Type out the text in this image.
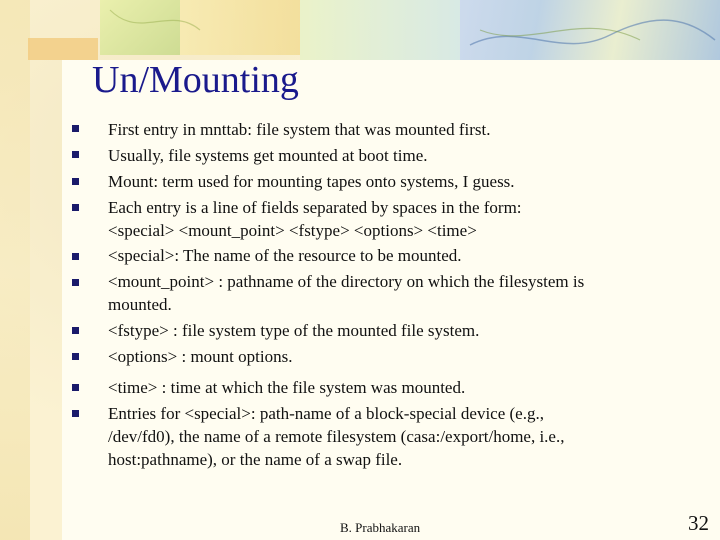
Un/Mounting
First entry in mnttab: file system that was mounted first.
Usually, file systems get mounted at boot time.
Mount: term used for mounting tapes onto systems, I guess.
Each entry is a line of fields separated by spaces in the form:
<special> <mount_point> <fstype> <options> <time>
<special>: The name of the resource to be mounted.
<mount_point> : pathname of the directory on which the filesystem is
mounted.
<fstype> : file system type of the mounted file system.
<options> : mount options.
<time> : time at which the file system was mounted.
Entries for <special>: path-name of a block-special device (e.g.,
/dev/fd0), the name of a remote filesystem (casa:/export/home, i.e.,
host:pathname), or the name of a swap file.
B. Prabhakaran	32
